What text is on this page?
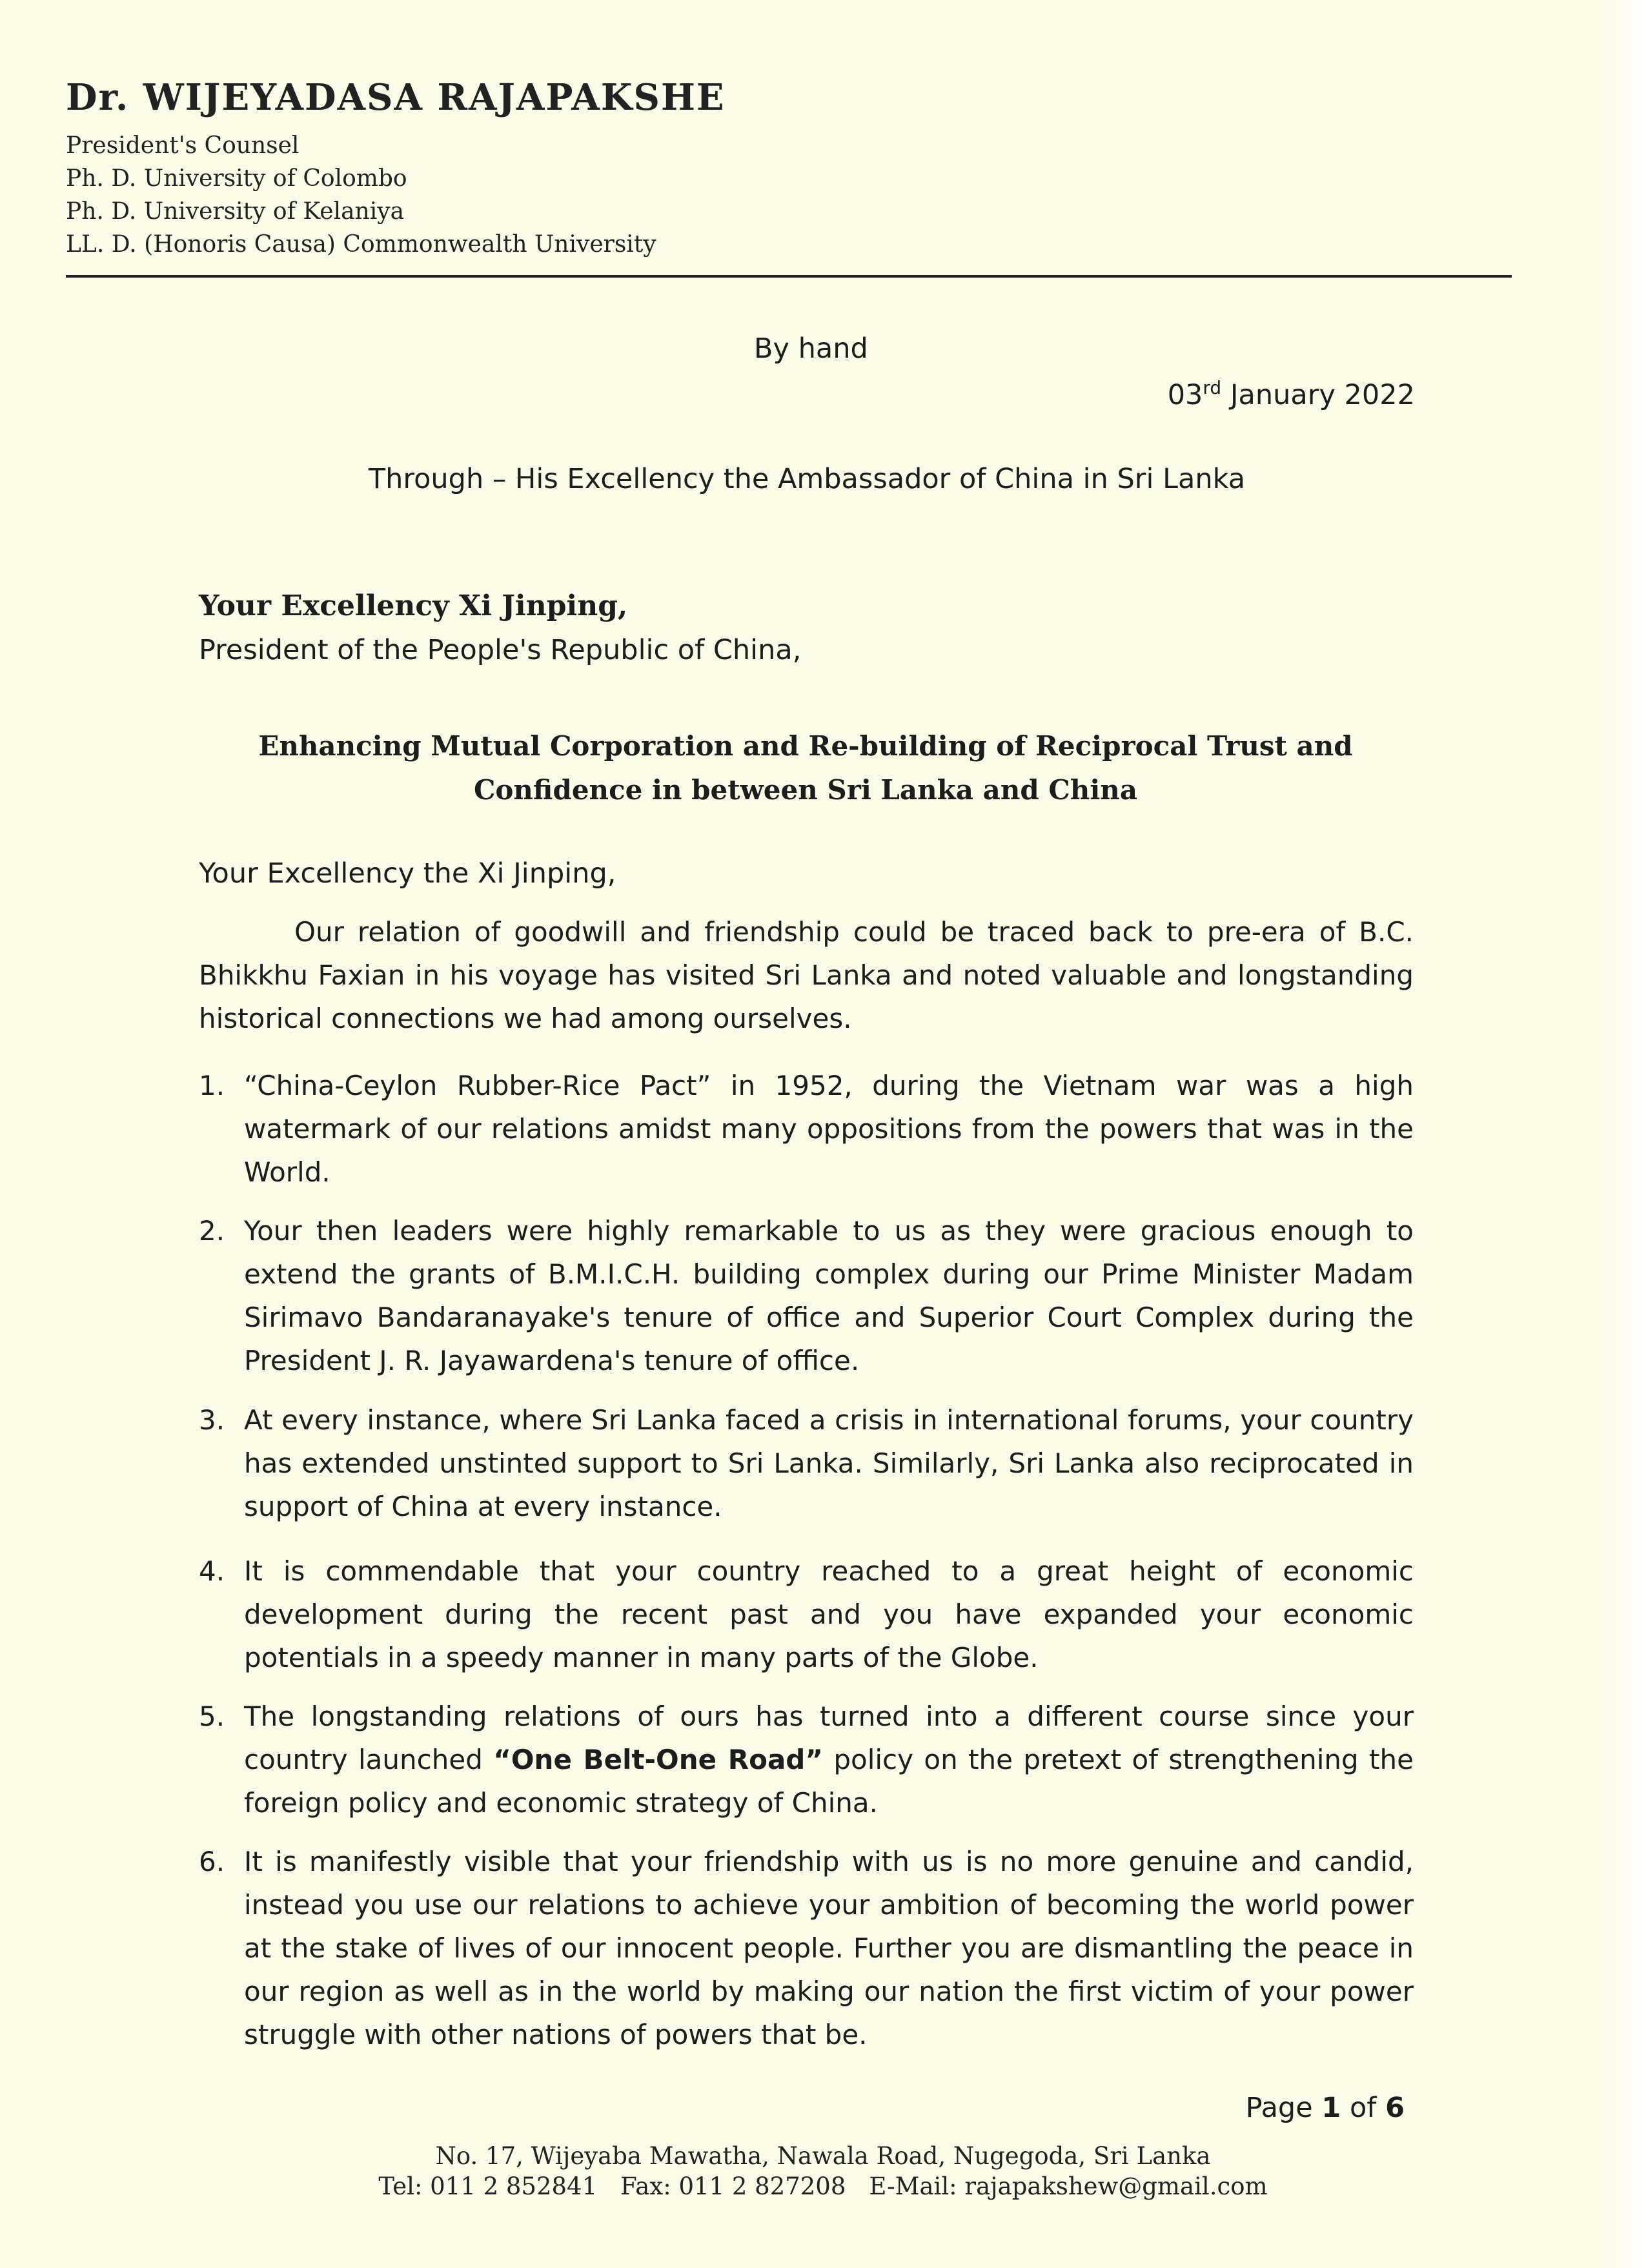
Dr. WIJEYADASA RAJAPAKSHE
President's Counsel
Ph. D. University of Colombo
Ph. D. University of Kelaniya
LL. D. (Honoris Causa) Commonwealth University
By hand
03rd January 2022
Through – His Excellency the Ambassador of China in Sri Lanka
Your Excellency Xi Jinping,
President of the People's Republic of China,
Enhancing Mutual Corporation and Re-building of Reciprocal Trust and
Confidence in between Sri Lanka and China
Your Excellency the Xi Jinping,
Our relation of goodwill and friendship could be traced back to pre-era of B.C. Bhikkhu Faxian in his voyage has visited Sri Lanka and noted valuable and longstanding historical connections we had among ourselves.
1. “China-Ceylon Rubber-Rice Pact” in 1952, during the Vietnam war was a high watermark of our relations amidst many oppositions from the powers that was in the World.
2. Your then leaders were highly remarkable to us as they were gracious enough to extend the grants of B.M.I.C.H. building complex during our Prime Minister Madam Sirimavo Bandaranayake's tenure of office and Superior Court Complex during the President J. R. Jayawardena's tenure of office.
3. At every instance, where Sri Lanka faced a crisis in international forums, your country has extended unstinted support to Sri Lanka. Similarly, Sri Lanka also reciprocated in support of China at every instance.
4. It is commendable that your country reached to a great height of economic development during the recent past and you have expanded your economic potentials in a speedy manner in many parts of the Globe.
5. The longstanding relations of ours has turned into a different course since your country launched “One Belt-One Road” policy on the pretext of strengthening the foreign policy and economic strategy of China.
6. It is manifestly visible that your friendship with us is no more genuine and candid, instead you use our relations to achieve your ambition of becoming the world power at the stake of lives of our innocent people. Further you are dismantling the peace in our region as well as in the world by making our nation the first victim of your power struggle with other nations of powers that be.
Page 1 of 6
No. 17, Wijeyaba Mawatha, Nawala Road, Nugegoda, Sri Lanka
Tel: 011 2 852841 Fax: 011 2 827208 E-Mail: rajapakshew@gmail.com
